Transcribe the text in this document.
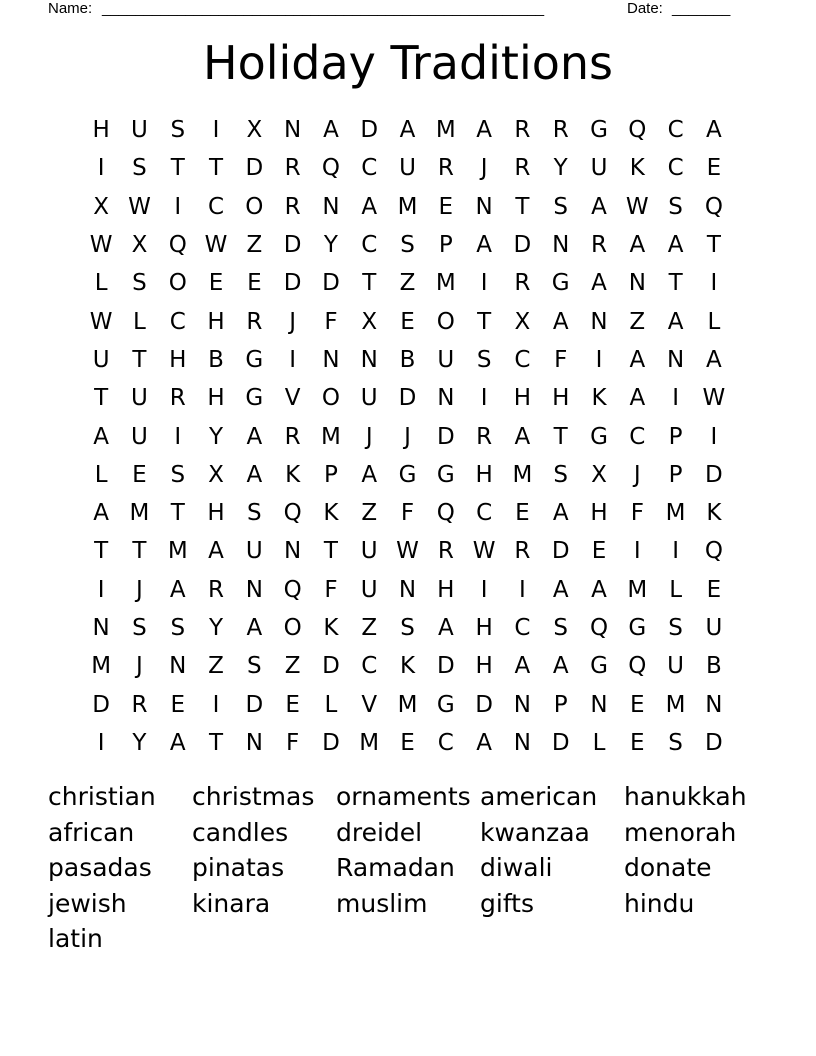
Name: _____________________________________________________	Date: _______
Holiday Traditions
H U S	I	X N A D A M A R R G Q C A
I	S	T	T D R Q C U R	J	R	Y U K C	E
X W	I	C O R N A M E N T	S	A W S Q
W X Q W Z D Y	C S	P	A D N R A A	T
L	S O E	E D D T	Z M	I	R G A N T	I
W L	C H R	J	F	X	E O T	X A N Z A	L
U T H B G	I	N N B U S C	F	I	A N A
T U R H G V O U D N	I	H H K A	I	W
A U	I	Y	A R M	J	J	D R A	T G C	P	I
L	E	S	X A K	P	A G G H M S	X	J	P D
A M T H S Q K Z	F Q C	E	A H	F M K
T	T M A U N T U W R W R D E	I	I	Q
I	J	A R N Q F	U N H	I	I	A A M L	E
N S	S	Y	A O K Z	S	A H C S Q G S U
M	J	N Z	S	Z D C K D H A A G Q U B
D R	E	I	D E	L	V M G D N P N E M N
I	Y	A	T N	F D M E C A N D	L	E	S D
christian	christmas ornaments american	hanukkah
african	candles	dreidel	kwanzaa	menorah
pasadas	pinatas	Ramadan	diwali	donate
jewish	kinara	muslim	gifts	hindu
latin
